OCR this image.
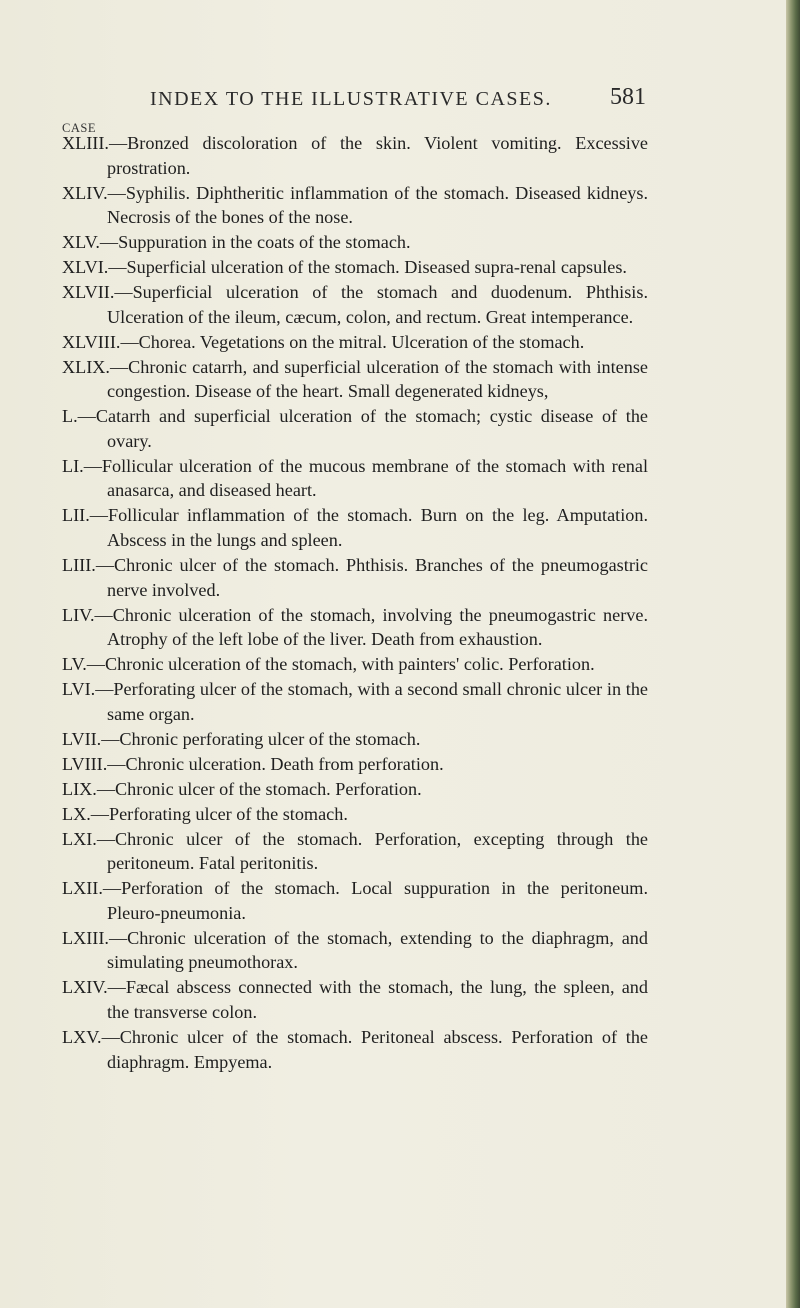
INDEX TO THE ILLUSTRATIVE CASES. 581
CASE
XLIII.—Bronzed discoloration of the skin. Violent vomiting. Excessive prostration.
XLIV.—Syphilis. Diphtheritic inflammation of the stomach. Diseased kidneys. Necrosis of the bones of the nose.
XLV.—Suppuration in the coats of the stomach.
XLVI.—Superficial ulceration of the stomach. Diseased supra-renal capsules.
XLVII.—Superficial ulceration of the stomach and duodenum. Phthisis. Ulceration of the ileum, cæcum, colon, and rectum. Great intemperance.
XLVIII.—Chorea. Vegetations on the mitral. Ulceration of the stomach.
XLIX.—Chronic catarrh, and superficial ulceration of the stomach with intense congestion. Disease of the heart. Small degenerated kidneys,
L.—Catarrh and superficial ulceration of the stomach; cystic disease of the ovary.
LI.—Follicular ulceration of the mucous membrane of the stomach with renal anasarca, and diseased heart.
LII.—Follicular inflammation of the stomach. Burn on the leg. Amputation. Abscess in the lungs and spleen.
LIII.—Chronic ulcer of the stomach. Phthisis. Branches of the pneumogastric nerve involved.
LIV.—Chronic ulceration of the stomach, involving the pneumogastric nerve. Atrophy of the left lobe of the liver. Death from exhaustion.
LV.—Chronic ulceration of the stomach, with painters' colic. Perforation.
LVI.—Perforating ulcer of the stomach, with a second small chronic ulcer in the same organ.
LVII.—Chronic perforating ulcer of the stomach.
LVIII.—Chronic ulceration. Death from perforation.
LIX.—Chronic ulcer of the stomach. Perforation.
LX.—Perforating ulcer of the stomach.
LXI.—Chronic ulcer of the stomach. Perforation, excepting through the peritoneum. Fatal peritonitis.
LXII.—Perforation of the stomach. Local suppuration in the peritoneum. Pleuro-pneumonia.
LXIII.—Chronic ulceration of the stomach, extending to the diaphragm, and simulating pneumothorax.
LXIV.—Fæcal abscess connected with the stomach, the lung, the spleen, and the transverse colon.
LXV.—Chronic ulcer of the stomach. Peritoneal abscess. Perforation of the diaphragm. Empyema.
